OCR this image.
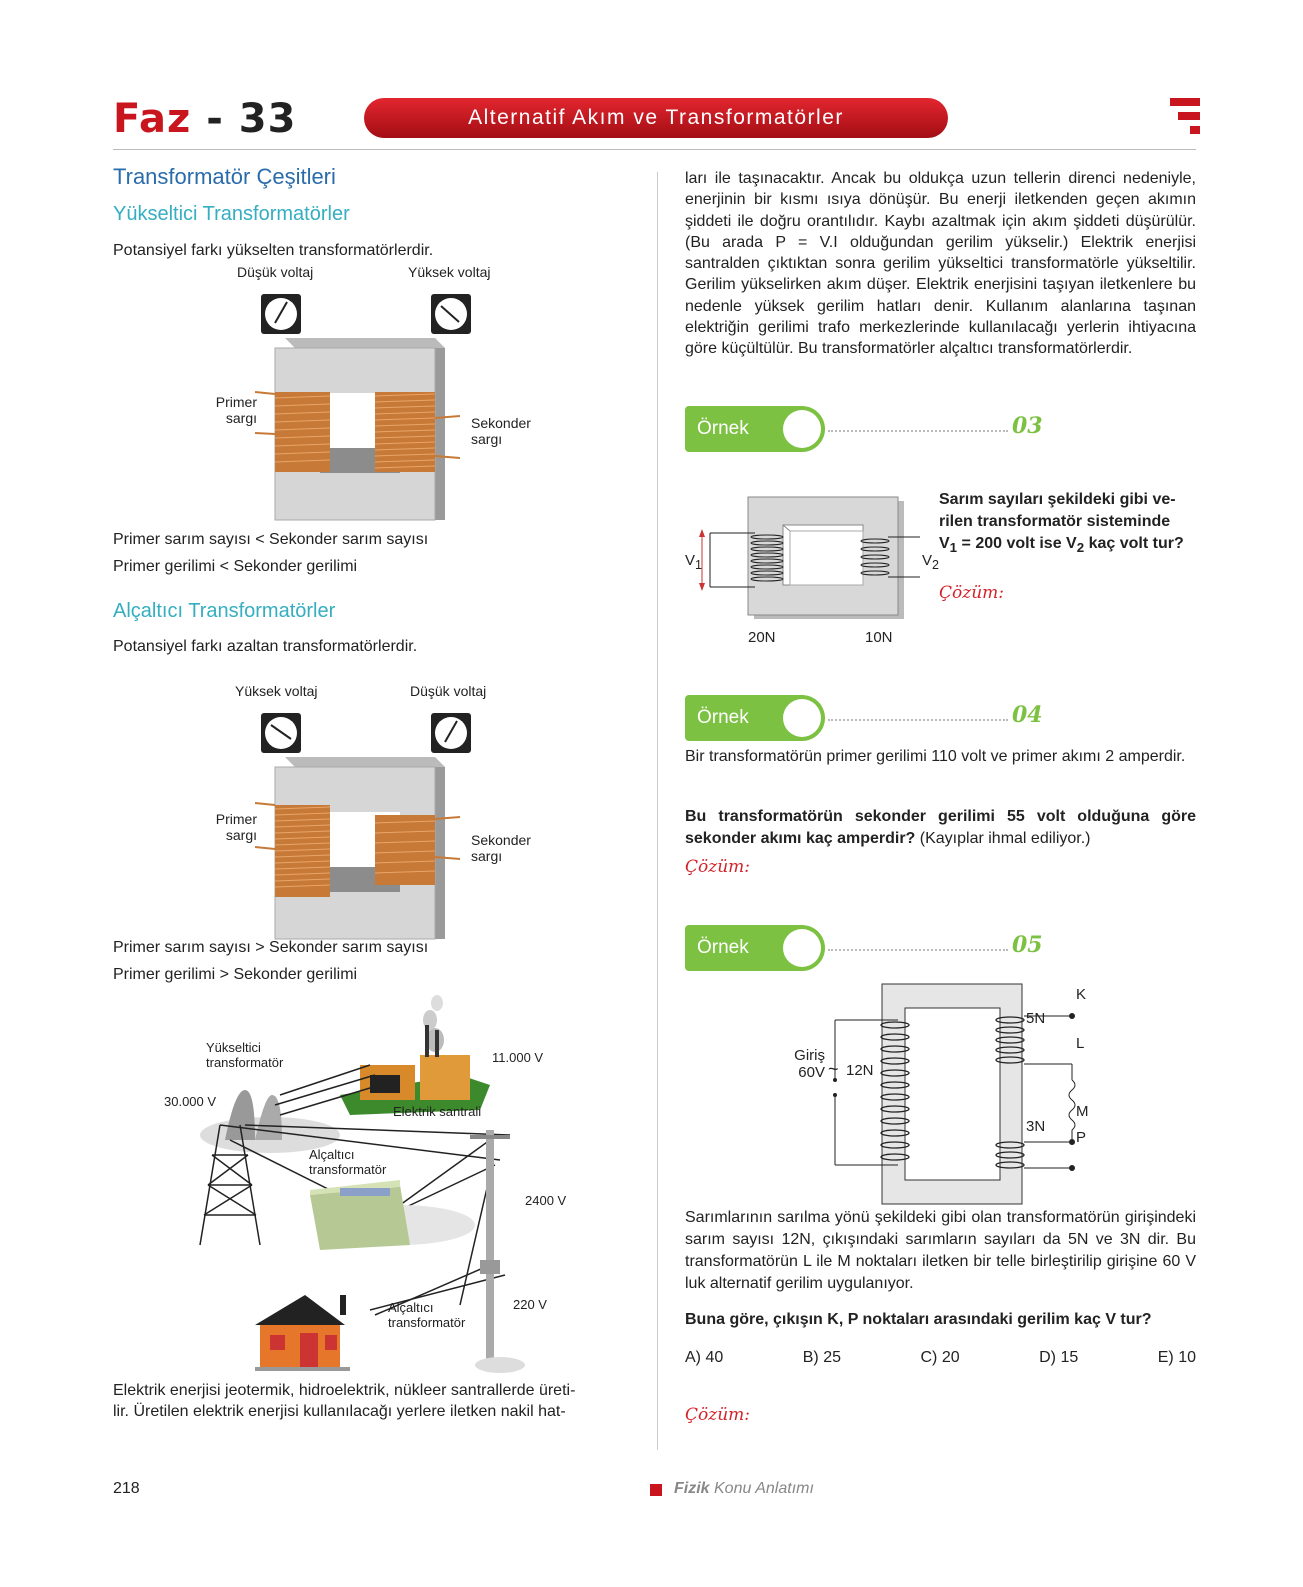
Faz - 33	Alternatif Akım ve Transformatörler
Transformatör Çeşitleri
Yükseltici Transformatörler
Potansiyel farkı yükselten transformatörlerdir.
Düşük voltaj	Yüksek voltaj
Primer
sargı	Sekonder
sargı
Primer sarım sayısı < Sekonder sarım sayısı
Primer gerilimi < Sekonder gerilimi
Alçaltıcı Transformatörler
Potansiyel farkı azaltan transformatörlerdir.
Yüksek voltaj	Düşük voltaj
Primer
sargı	Sekonder
sargı
Primer sarım sayısı > Sekonder sarım sayısı
Primer gerilimi > Sekonder gerilimi
Yükseltici
transformatör	11.000 V
Elektrik santrali
30.000 V
Alçaltıcı
transformatör
2400 V
Alçaltıcı
transformatör
220 V
Elektrik enerjisi jeotermik, hidroelektrik, nükleer santrallerde üreti-
lir. Üretilen elektrik enerjisi kullanılacağı yerlere iletken nakil hat-
ları ile taşınacaktır. Ancak bu oldukça uzun tellerin direnci nedeniyle, enerjinin bir kısmı ısıya dönüşür. Bu enerji iletkenden geçen akımın şiddeti ile doğru orantılıdır. Kaybı azaltmak için akım şiddeti düşürülür. (Bu arada P = V.I olduğundan gerilim yükselir.) Elektrik enerjisi santralden çıktıktan sonra gerilim yükseltici transformatörle yükseltilir. Gerilim yükselirken akım düşer. Elektrik enerjisini taşıyan iletkenlere bu nedenle yüksek gerilim hatları denir. Kullanım alanlarına taşınan elektriğin gerilimi trafo merkezlerinde kullanılacağı yerlerin ihtiyacına göre küçültülür. Bu transformatörler alçaltıcı transformatörlerdir.
Örnek	03
$V_1$	$V_2$
20N	10N
Sarım sayıları şekildeki gibi ve-
rilen transformatör sisteminde
$V_1 = 200$ volt ise $V_2$ kaç volt tur?
Çözüm:
Örnek	04
Bir transformatörün primer gerilimi 110 volt ve primer akımı 2 amperdir.
Bu transformatörün sekonder gerilimi 55 volt olduğuna göre sekonder akımı kaç amperdir? (Kayıplar ihmal ediliyor.)
Çözüm:
Örnek	05
Giriş
60V ~ 12N
5N
3N
K
L
M
P
Sarımlarının sarılma yönü şekildeki gibi olan transformatörün girişindeki sarım sayısı 12N, çıkışındaki sarımların sayıları da 5N ve 3N dir. Bu transformatörün L ile M noktaları iletken bir telle birleştirilip girişine 60 V luk alternatif gerilim uygulanıyor.
Buna göre, çıkışın K, P noktaları arasındaki gerilim kaç V tur?
A) 40	B) 25	C) 20	D) 15	E) 10
Çözüm:
218	Fizik Konu Anlatımı
